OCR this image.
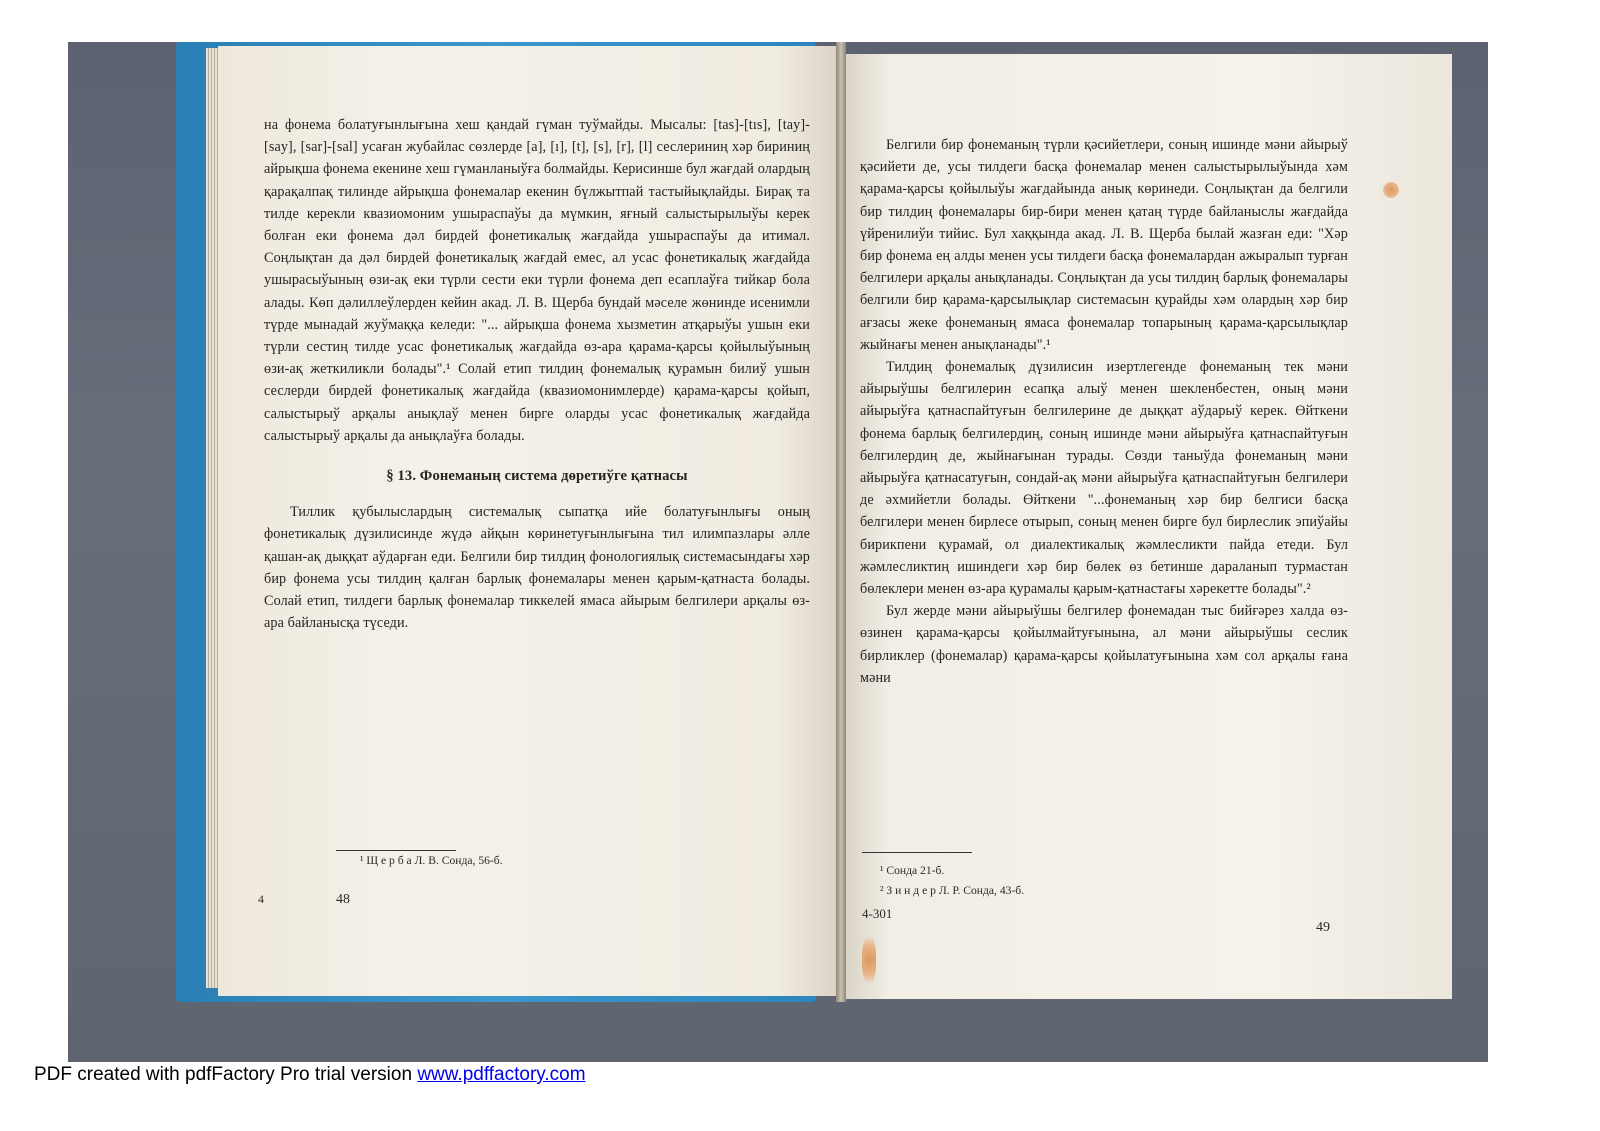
на фонема болатуғынлығына хеш қандай гүман туўмайды. Мысалы: [tas]-[tıs], [tay]-[say], [sar]-[sal] усаған жубайлас сөзлерде [a], [ı], [t], [s], [r], [l] сеслериниң хәр бириниң айрықша фонема екенине хеш гүманланыўға болмайды. Керисинше бул жағдай олардың қарақалпақ тилинде айрықша фонемалар екенин бүлжытпай тастыйықлайды. Бирақ та тилде керекли квазиомоним ушыраспаўы да мүмкин, яғный салыстырылыўы керек болған еки фонема дәл бирдей фонетикалық жағдайда ушыраспаўы да итимал. Соңлықтан да дәл бирдей фонетикалық жағдай емес, ал усас фонетикалық жағдайда ушырасыўының өзи-ақ еки түрли сести еки түрли фонема деп есаплаўға тийкар бола алады. Көп дәлиллеўлерден кейин акад. Л. В. Щерба бундай мәселе жөнинде исенимли түрде мынадай жуўмаққа келеди: "... айрықша фонема хызметин атқарыўы ушын еки түрли сестиң тилде усас фонетикалық жағдайда өз-ара қарама-қарсы қойылыўының өзи-ақ жеткиликли болады".¹ Солай етип тилдиң фонемалық қурамын билиў ушын сеслерди бирдей фонетикалық жағдайда (квазиомонимлерде) қарама-қарсы қойып, салыстырыў арқалы анықлаў менен бирге оларды усас фонетикалық жағдайда салыстырыў арқалы да анықлаўға болады.

§ 13. Фонеманың система дөретиўге қатнасы

Тиллик қубылыслардың системалық сыпатқа ийе болатуғынлығы оның фонетикалық дүзилисинде жүдә айқын көринетуғынлығына тил илимпазлары әлле қашан-ақ дыққат аўдарған еди. Белгили бир тилдиң фонологиялық системасындағы хәр бир фонема усы тилдиң қалған барлық фонемалары менен қарым-қатнаста болады. Солай етип, тилдеги барлық фонемалар тиккелей ямаса айырым белгилери арқалы өз-ара байланысқа түседи.

¹ Щ е р б а Л. В. Сонда, 56-б.
48
4

Белгили бир фонеманың түрли қәсийетлери, соның ишинде мәни айырыў қәсийети де, усы тилдеги басқа фонемалар менен салыстырылыўында хәм қарама-қарсы қойылыўы жағдайында анық көринеди. Соңлықтан да белгили бир тилдиң фонемалары бир-бири менен қатаң түрде байланыслы жағдайда үйренилиўи тийис. Бул хаққында акад. Л. В. Щерба былай жазған еди: "Хәр бир фонема ең алды менен усы тилдеги басқа фонемалардан ажыралып турған белгилери арқалы анықланады. Соңлықтан да усы тилдиң барлық фонемалары белгили бир қарама-қарсылықлар системасын қурайды хәм олардың хәр бир ағзасы жеке фонеманың ямаса фонемалар топарының қарама-қарсылықлар жыйнағы менен анықланады".¹

Тилдиң фонемалық дүзилисин изертлегенде фонеманың тек мәни айырыўшы белгилерин есапқа алыў менен шекленбестен, оның мәни айырыўға қатнаспайтуғын белгилерине де дыққат аўдарыў керек. Өйткени фонема барлық белгилердиң, соның ишинде мәни айырыўға қатнаспайтуғын белгилердиң де, жыйнағынан турады. Сөзди таныўда фонеманың мәни айырыўға қатнасатуғын, сондай-ақ мәни айырыўға қатнаспайтуғын белгилери де әхмийетли болады. Өйткени "...фонеманың хәр бир белгиси басқа белгилери менен бирлесе отырып, соның менен бирге бул бирлеслик эпиўайы бирикпени қурамай, ол диалектикалық жәмлесликти пайда етеди. Бул жәмлесликтиң ишиндеги хәр бир бөлек өз бетинше дараланып турмастан бөлеклери менен өз-ара қурамалы қарым-қатнастағы хәрекетте болады".²

Бул жерде мәни айырыўшы белгилер фонемадан тыс бийғәрез халда өз-өзинен қарама-қарсы қойылмайтуғынына, ал мәни айырыўшы сеслик бирликлер (фонемалар) қарама-қарсы қойылатуғынына хәм сол арқалы ғана мәни

¹ Сонда 21-б.
² З и н д е р Л. Р. Сонда, 43-б.
4-301
49
PDF created with pdfFactory Pro trial version www.pdffactory.com
